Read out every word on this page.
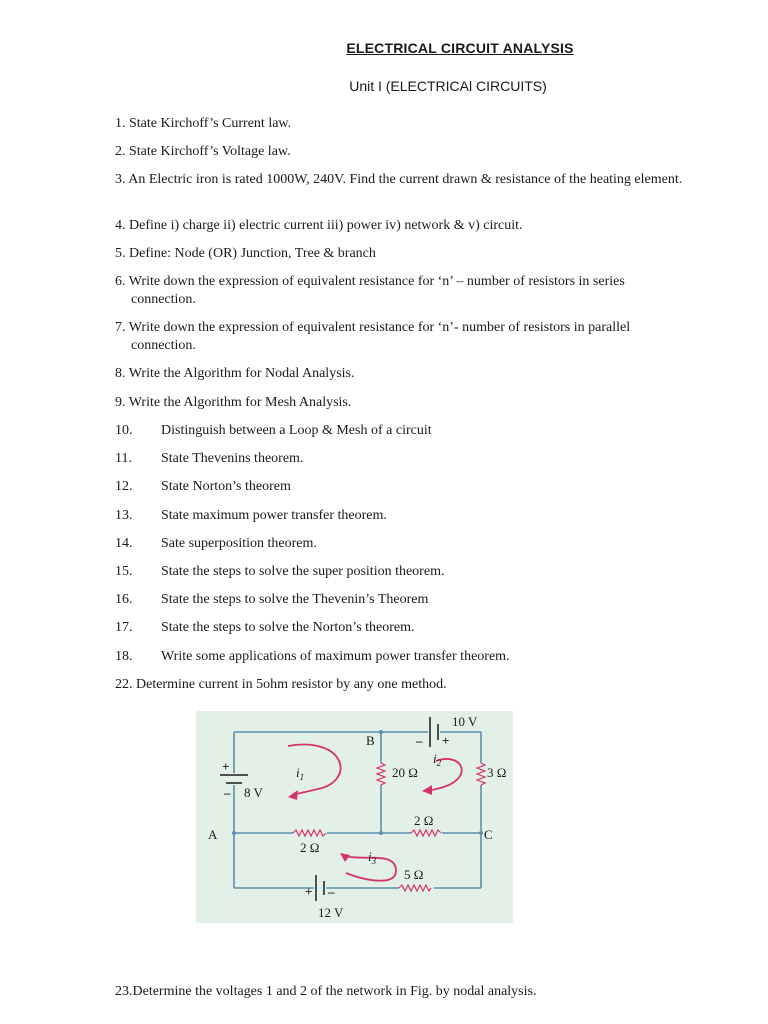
ELECTRICAL CIRCUIT ANALYSIS
Unit I (ELECTRICAl CIRCUITS)
1. State Kirchoff’s Current law.
2. State Kirchoff’s Voltage law.
3. An Electric iron is rated 1000W, 240V. Find the current drawn & resistance of the heating element.
4. Define i) charge ii) electric current iii) power iv) network & v) circuit.
5. Define: Node (OR) Junction, Tree & branch
6. Write down the expression of equivalent resistance for ‘n’ – number of resistors in series connection.
7. Write down the expression of equivalent resistance for ‘n’- number of resistors in parallel connection.
8. Write the Algorithm for Nodal Analysis.
9. Write the Algorithm for Mesh Analysis.
10. Distinguish between a Loop & Mesh of a circuit
11. State Thevenins theorem.
12. State Norton’s theorem
13. State maximum power transfer theorem.
14. Sate superposition theorem.
15. State the steps to solve the super position theorem.
16. State the steps to solve the Thevenin’s Theorem
17. State the steps to solve the Norton’s theorem.
18. Write some applications of maximum power transfer theorem.
22. Determine current in 5ohm resistor by any one method.
10 V
– +
B
A	C
+
– 8 V
20 Ω	3 Ω
2 Ω
2 Ω
5 Ω
+ –
12 V
$i_1$
$i_2$
$i_3$
23.Determine the voltages 1 and 2 of the network in Fig. by nodal analysis.
